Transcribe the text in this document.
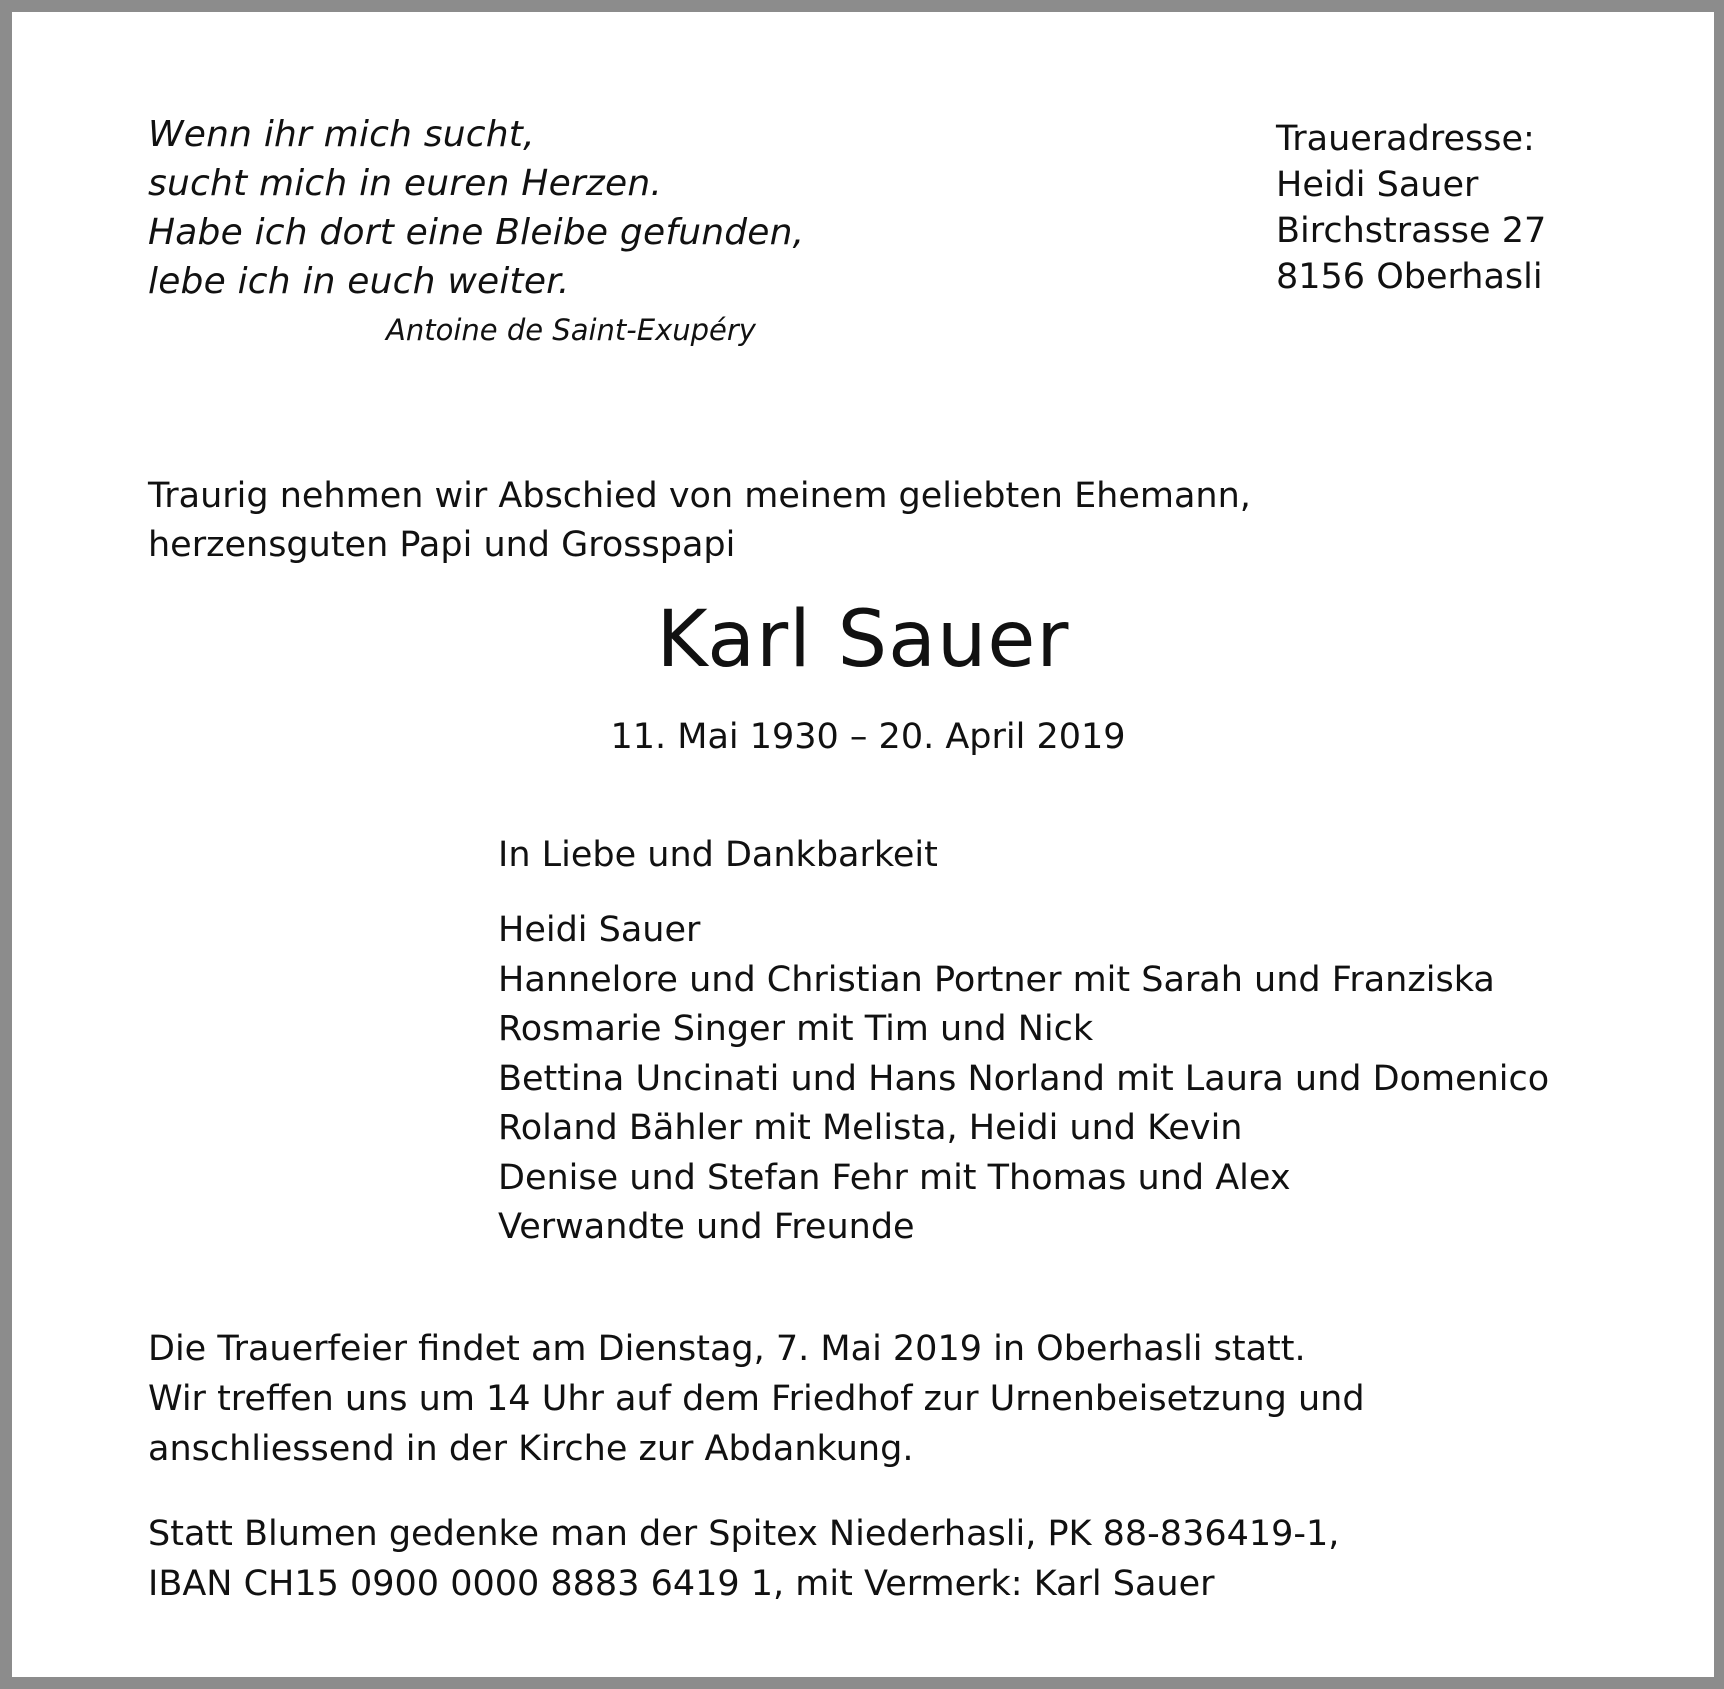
Wenn ihr mich sucht,
sucht mich in euren Herzen.
Habe ich dort eine Bleibe gefunden,
lebe ich in euch weiter.
Antoine de Saint-Exupéry
Traueradresse:
Heidi Sauer
Birchstrasse 27
8156 Oberhasli
Traurig nehmen wir Abschied von meinem geliebten Ehemann,
herzensguten Papi und Grosspapi
Karl Sauer
11. Mai 1930 – 20. April 2019
In Liebe und Dankbarkeit
Heidi Sauer
Hannelore und Christian Portner mit Sarah und Franziska
Rosmarie Singer mit Tim und Nick
Bettina Uncinati und Hans Norland mit Laura und Domenico
Roland Bähler mit Melista, Heidi und Kevin
Denise und Stefan Fehr mit Thomas und Alex
Verwandte und Freunde
Die Trauerfeier findet am Dienstag, 7. Mai 2019 in Oberhasli statt.
Wir treffen uns um 14 Uhr auf dem Friedhof zur Urnenbeisetzung und
anschliessend in der Kirche zur Abdankung.
Statt Blumen gedenke man der Spitex Niederhasli, PK 88-836419-1,
IBAN CH15 0900 0000 8883 6419 1, mit Vermerk: Karl Sauer
